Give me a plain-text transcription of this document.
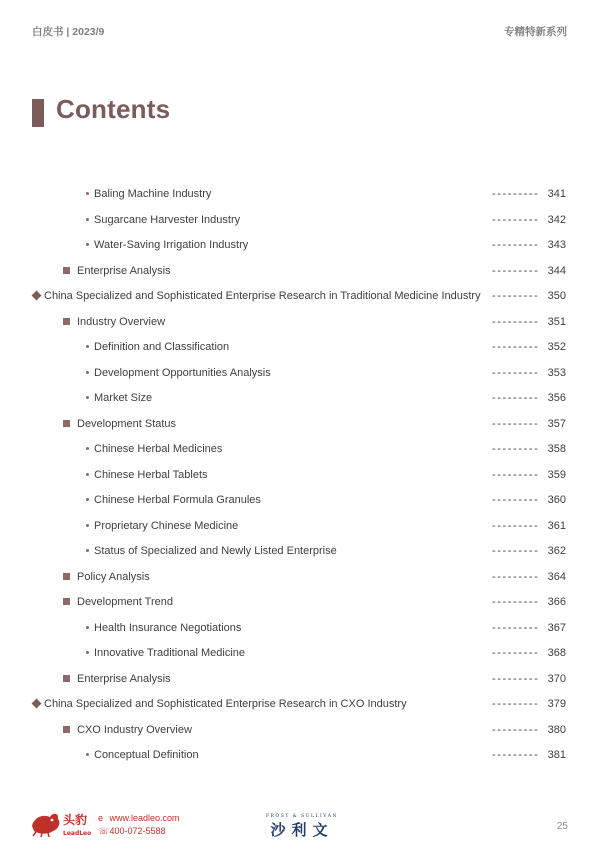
白皮书 | 2023/9	专精特新系列
Contents
Baling Machine Industry	--------- 341
Sugarcane Harvester Industry	--------- 342
Water-Saving Irrigation Industry	--------- 343
Enterprise Analysis	--------- 344
China Specialized and Sophisticated Enterprise Research in Traditional Medicine Industry --------- 350
Industry Overview	--------- 351
Definition and Classification	--------- 352
Development Opportunities Analysis	--------- 353
Market Size	--------- 356
Development Status	--------- 357
Chinese Herbal Medicines	--------- 358
Chinese Herbal Tablets	--------- 359
Chinese Herbal Formula Granules	--------- 360
Proprietary Chinese Medicine	--------- 361
Status of Specialized and Newly Listed Enterprise	--------- 362
Policy Analysis	--------- 364
Development Trend	--------- 366
Health Insurance Negotiations	--------- 367
Innovative Traditional Medicine	--------- 368
Enterprise Analysis	--------- 370
China Specialized and Sophisticated Enterprise Research in CXO Industry	--------- 379
CXO Industry Overview	--------- 380
Conceptual Definition	--------- 381
头豹
LeadLeo
e www.leadleo.com
☏ 400-072-5588
FROST & SULLIVAN
沙利文	25
